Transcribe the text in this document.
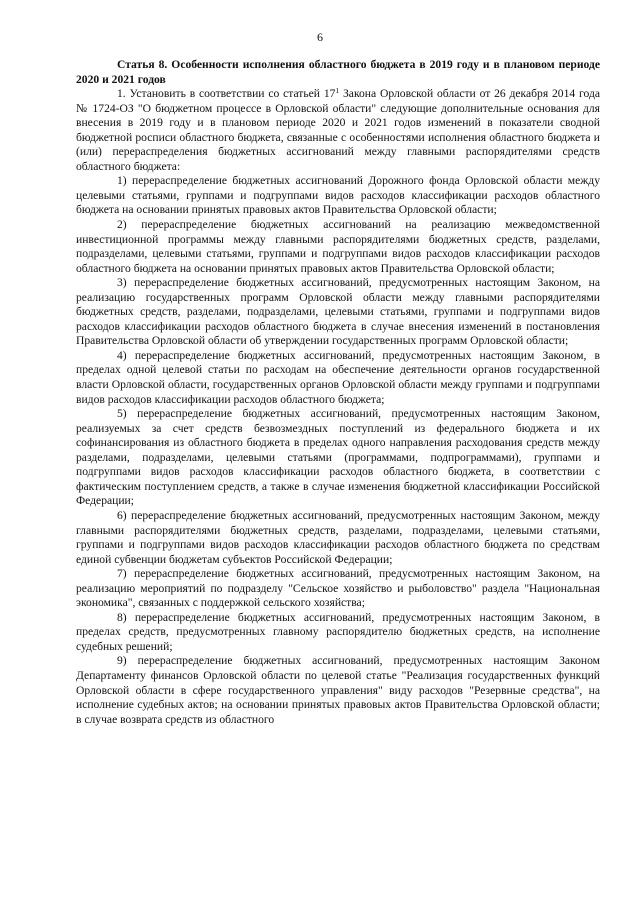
6

Статья 8. Особенности исполнения областного бюджета в 2019 году и в плановом периоде 2020 и 2021 годов

1. Установить в соответствии со статьей $17^1$ Закона Орловской области от 26 декабря 2014 года № 1724-ОЗ "О бюджетном процессе в Орловской области" следующие дополнительные основания для внесения в 2019 году и в плановом периоде 2020 и 2021 годов изменений в показатели сводной бюджетной росписи областного бюджета, связанные с особенностями исполнения областного бюджета и (или) перераспределения бюджетных ассигнований между главными распорядителями средств областного бюджета:

1) перераспределение бюджетных ассигнований Дорожного фонда Орловской области между целевыми статьями, группами и подгруппами видов расходов классификации расходов областного бюджета на основании принятых правовых актов Правительства Орловской области;

2) перераспределение бюджетных ассигнований на реализацию межведомственной инвестиционной программы между главными распорядителями бюджетных средств, разделами, подразделами, целевыми статьями, группами и подгруппами видов расходов классификации расходов областного бюджета на основании принятых правовых актов Правительства Орловской области;

3) перераспределение бюджетных ассигнований, предусмотренных настоящим Законом, на реализацию государственных программ Орловской области между главными распорядителями бюджетных средств, разделами, подразделами, целевыми статьями, группами и подгруппами видов расходов классификации расходов областного бюджета в случае внесения изменений в постановления Правительства Орловской области об утверждении государственных программ Орловской области;

4) перераспределение бюджетных ассигнований, предусмотренных настоящим Законом, в пределах одной целевой статьи по расходам на обеспечение деятельности органов государственной власти Орловской области, государственных органов Орловской области между группами и подгруппами видов расходов классификации расходов областного бюджета;

5) перераспределение бюджетных ассигнований, предусмотренных настоящим Законом, реализуемых за счет средств безвозмездных поступлений из федерального бюджета и их софинансирования из областного бюджета в пределах одного направления расходования средств между разделами, подразделами, целевыми статьями (программами, подпрограммами), группами и подгруппами видов расходов классификации расходов областного бюджета, в соответствии с фактическим поступлением средств, а также в случае изменения бюджетной классификации Российской Федерации;

6) перераспределение бюджетных ассигнований, предусмотренных настоящим Законом, между главными распорядителями бюджетных средств, разделами, подразделами, целевыми статьями, группами и подгруппами видов расходов классификации расходов областного бюджета по средствам единой субвенции бюджетам субъектов Российской Федерации;

7) перераспределение бюджетных ассигнований, предусмотренных настоящим Законом, на реализацию мероприятий по подразделу "Сельское хозяйство и рыболовство" раздела "Национальная экономика", связанных с поддержкой сельского хозяйства;

8) перераспределение бюджетных ассигнований, предусмотренных настоящим Законом, в пределах средств, предусмотренных главному распорядителю бюджетных средств, на исполнение судебных решений;

9) перераспределение бюджетных ассигнований, предусмотренных настоящим Законом Департаменту финансов Орловской области по целевой статье "Реализация государственных функций Орловской области в сфере государственного управления" виду расходов "Резервные средства", на исполнение судебных актов; на основании принятых правовых актов Правительства Орловской области; в случае возврата средств из областного
